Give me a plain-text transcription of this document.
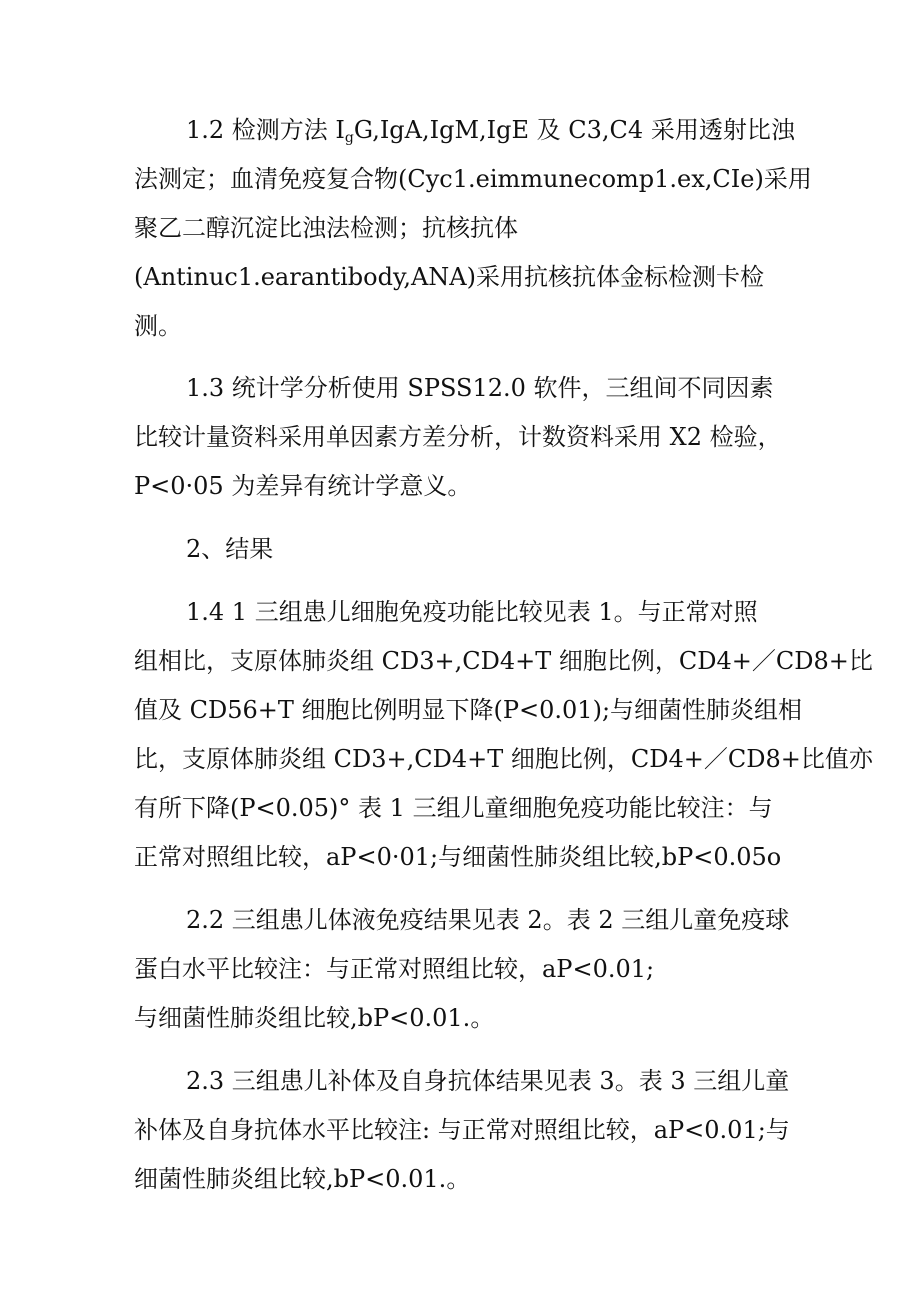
1.2 检测方法 $I_gG,IgA,IgM,IgE$ 及 C3,C4 采用透射比浊
法测定；血清免疫复合物(Cyc1.eimmunecomp1.ex,CIe)采用
聚乙二醇沉淀比浊法检测；抗核抗体
(Antinuc1.earantibody,ANA)采用抗核抗体金标检测卡检
测。
1.3 统计学分析使用 SPSS12.0 软件，三组间不同因素
比较计量资料采用单因素方差分析，计数资料采用 X2 检验，
P<0·05 为差异有统计学意义。
2、结果
1.4 1 三组患儿细胞免疫功能比较见表 1。与正常对照
组相比，支原体肺炎组 CD3+,CD4+T 细胞比例，CD4+／CD8+比
值及 CD56+T 细胞比例明显下降(P<0.01);与细菌性肺炎组相
比，支原体肺炎组 CD3+,CD4+T 细胞比例，CD4+／CD8+比值亦
有所下降(P<0.05)° 表 1 三组儿童细胞免疫功能比较注：与
正常对照组比较，aP<0·01;与细菌性肺炎组比较,bP<0.05o
2.2 三组患儿体液免疫结果见表 2。表 2 三组儿童免疫球
蛋白水平比较注：与正常对照组比较，aP<0.01;
与细菌性肺炎组比较,bP<0.01.。
2.3 三组患儿补体及自身抗体结果见表 3。表 3 三组儿童
补体及自身抗体水平比较注: 与正常对照组比较，aP<0.01;与
细菌性肺炎组比较,bP<0.01.。
